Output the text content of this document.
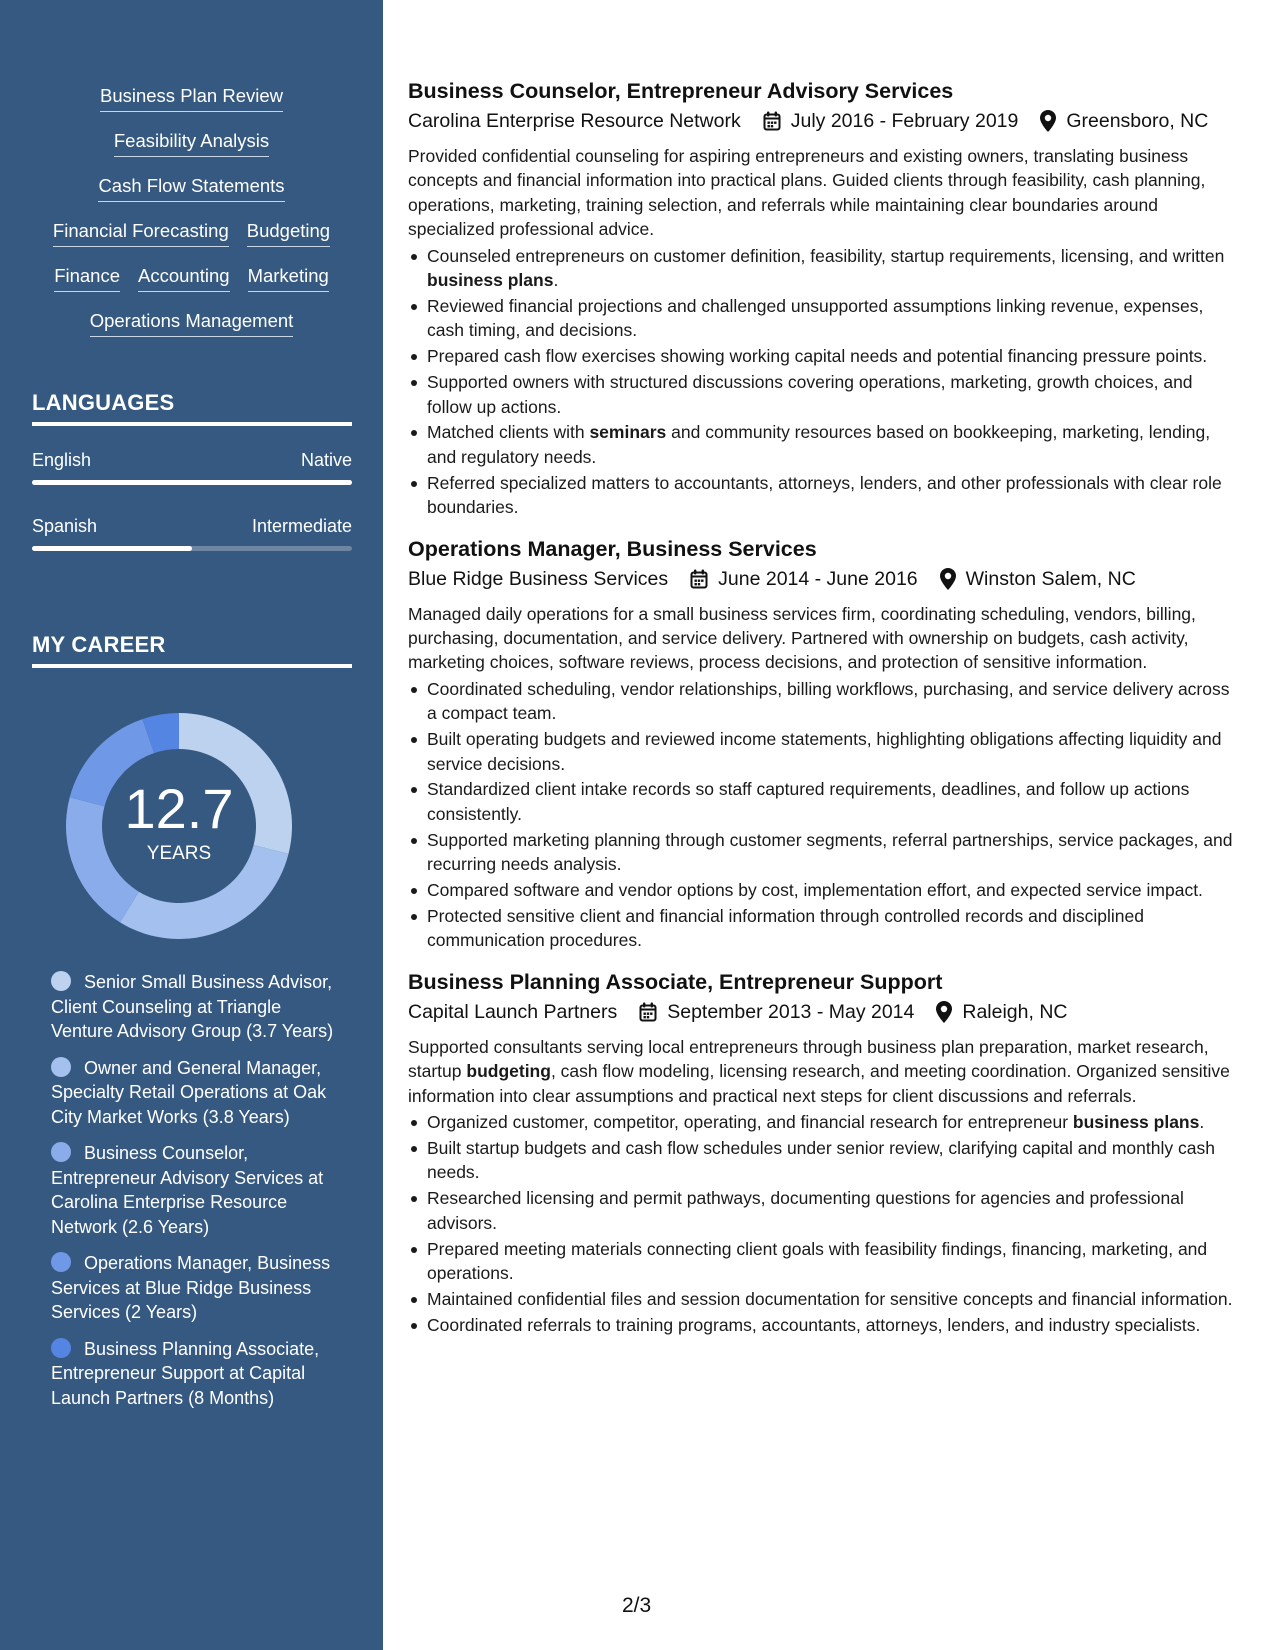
Business Plan Review
Feasibility Analysis
Cash Flow Statements
Financial Forecasting Budgeting
Finance Accounting Marketing
Operations Management
LANGUAGES
English	Native
Spanish	Intermediate
MY CAREER
12.7
YEARS
Senior Small Business Advisor, Client Counseling at Triangle Venture Advisory Group (3.7 Years)
Owner and General Manager, Specialty Retail Operations at Oak City Market Works (3.8 Years)
Business Counselor, Entrepreneur Advisory Services at Carolina Enterprise Resource Network (2.6 Years)
Operations Manager, Business Services at Blue Ridge Business Services (2 Years)
Business Planning Associate, Entrepreneur Support at Capital Launch Partners (8 Months)
Business Counselor, Entrepreneur Advisory Services
Carolina Enterprise Resource Network	July 2016 - February 2019 Greensboro, NC
Provided confidential counseling for aspiring entrepreneurs and existing owners, translating business concepts and financial information into practical plans. Guided clients through feasibility, cash planning, operations, marketing, training selection, and referrals while maintaining clear boundaries around specialized professional advice.
Counseled entrepreneurs on customer definition, feasibility, startup requirements, licensing, and written business plans.
Reviewed financial projections and challenged unsupported assumptions linking revenue, expenses, cash timing, and decisions.
Prepared cash flow exercises showing working capital needs and potential financing pressure points.
Supported owners with structured discussions covering operations, marketing, growth choices, and follow up actions.
Matched clients with seminars and community resources based on bookkeeping, marketing, lending, and regulatory needs.
Referred specialized matters to accountants, attorneys, lenders, and other professionals with clear role boundaries.
Operations Manager, Business Services
Blue Ridge Business Services	June 2014 - June 2016 Winston Salem, NC
Managed daily operations for a small business services firm, coordinating scheduling, vendors, billing, purchasing, documentation, and service delivery. Partnered with ownership on budgets, cash activity, marketing choices, software reviews, process decisions, and protection of sensitive information.
Coordinated scheduling, vendor relationships, billing workflows, purchasing, and service delivery across a compact team.
Built operating budgets and reviewed income statements, highlighting obligations affecting liquidity and service decisions.
Standardized client intake records so staff captured requirements, deadlines, and follow up actions consistently.
Supported marketing planning through customer segments, referral partnerships, service packages, and recurring needs analysis.
Compared software and vendor options by cost, implementation effort, and expected service impact.
Protected sensitive client and financial information through controlled records and disciplined communication procedures.
Business Planning Associate, Entrepreneur Support
Capital Launch Partners	September 2013 - May 2014 Raleigh, NC
Supported consultants serving local entrepreneurs through business plan preparation, market research, startup budgeting, cash flow modeling, licensing research, and meeting coordination. Organized sensitive information into clear assumptions and practical next steps for client discussions and referrals.
Organized customer, competitor, operating, and financial research for entrepreneur business plans.
Built startup budgets and cash flow schedules under senior review, clarifying capital and monthly cash needs.
Researched licensing and permit pathways, documenting questions for agencies and professional advisors.
Prepared meeting materials connecting client goals with feasibility findings, financing, marketing, and operations.
Maintained confidential files and session documentation for sensitive concepts and financial information.
Coordinated referrals to training programs, accountants, attorneys, lenders, and industry specialists.
2/3
